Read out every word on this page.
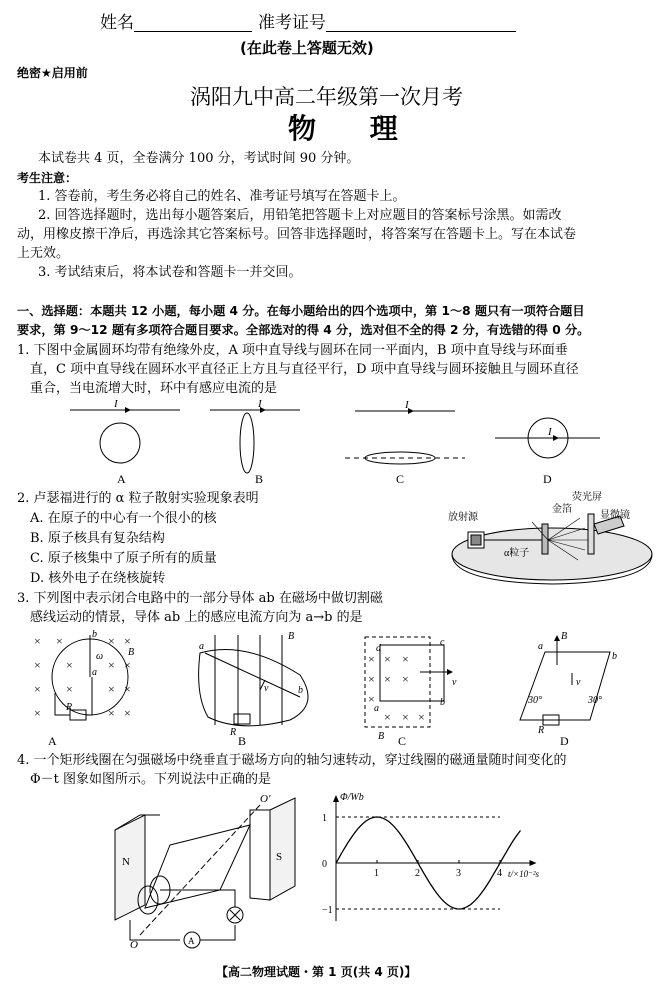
姓名	准考证号
(在此卷上答题无效)
绝密★启用前
涡阳九中高二年级第一次月考
物 理
本试卷共 4 页，全卷满分 100 分，考试时间 90 分钟。
考生注意：
1. 答卷前，考生务必将自己的姓名、准考证号填写在答题卡上。
2. 回答选择题时，选出每小题答案后，用铅笔把答题卡上对应题目的答案标号涂黑。如需改
动，用橡皮擦干净后，再选涂其它答案标号。回答非选择题时，将答案写在答题卡上。写在本试卷
上无效。
3. 考试结束后，将本试卷和答题卡一并交回。
一、选择题：本题共 12 小题，每小题 4 分。在每小题给出的四个选项中，第 1～8 题只有一项符合题目
要求，第 9～12 题有多项符合题目要求。全部选对的得 4 分，选对但不全的得 2 分，有选错的得 0 分。
1. 下图中金属圆环均带有绝缘外皮，A 项中直导线与圆环在同一平面内，B 项中直导线与环面垂
直，C 项中直导线在圆环水平直径正上方且与直径平行，D 项中直导线与圆环接触且与圆环直径
重合，当电流增大时，环中有感应电流的是
I	I	I
I
A	B	C	D
2. 卢瑟福进行的 α 粒子散射实验现象表明
A. 在原子的中心有一个很小的核
B. 原子核具有复杂结构
C. 原子核集中了原子所有的质量
D. 核外电子在绕核旋转
放射源
金箔
荧光屏
显微镜
α粒子
3. 下列图中表示闭合电路中的一部分导体 ab 在磁场中做切割磁
感线运动的情景，导体 ab 上的感应电流方向为 a→b 的是
× ×	× ×
× ×	× ×
× ×	× ×
×	× ×
×
×
×
×
×
×
×
× × ×
b
ω
a
B
R
a
b
v
B
R
d
c
a
b
v
B
a
b
B
v
R
30°	30°
A	B	C	D
4. 一个矩形线圈在匀强磁场中绕垂直于磁场方向的轴匀速转动，穿过线圈的磁通量随时间变化的
Φ－t 图象如图所示。下列说法中正确的是
N	S
O
O′
A
1	2	3	4
1
0
−1
Φ/Wb
t/×10⁻²s
【高二物理试题・第 1 页(共 4 页)】
